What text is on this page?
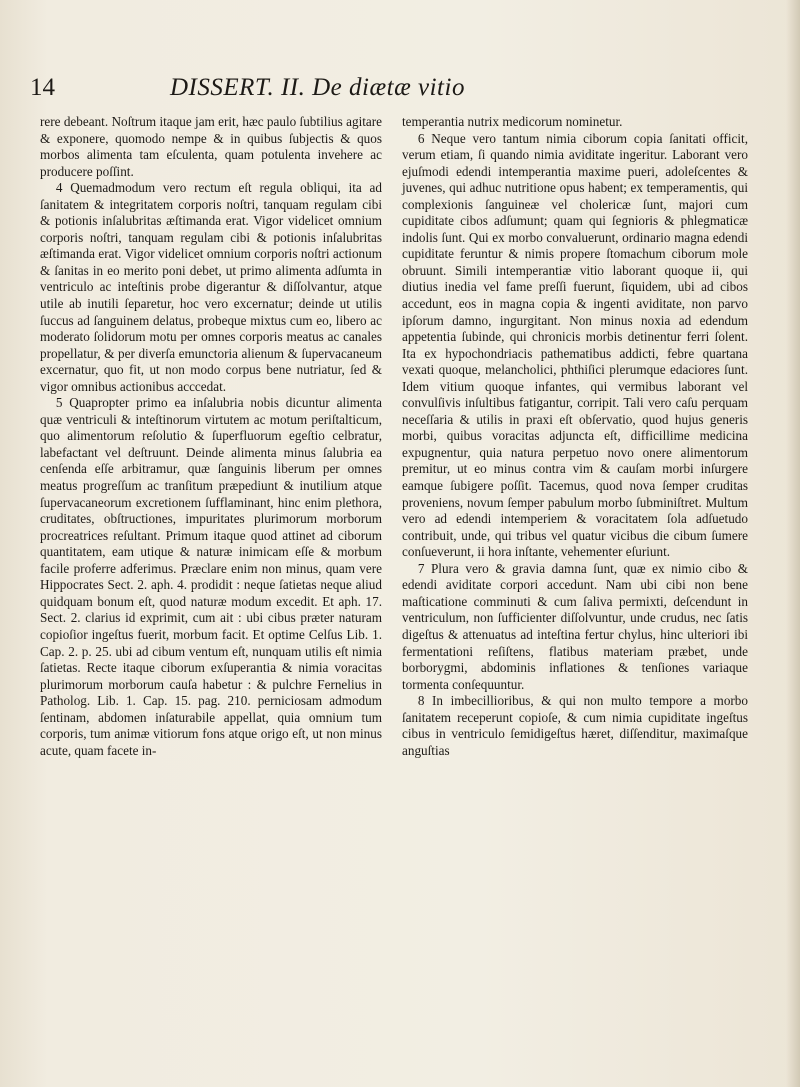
14	DISSERT. II. De diætæ vitio

rere debeant. Noſtrum itaque jam erit, hæc paulo ſubtilius agitare & exponere, quomodo nempe & in quibus ſubjectis & quos morbos alimenta tam eſculenta, quam potulenta invehere ac producere poſſint.

4 Quemadmodum vero rectum eſt regula obliqui, ita ad ſanitatem & integritatem corporis noſtri, tanquam regulam cibi & potionis inſalubritas æſtimanda erat. Vigor videlicet omnium corporis noſtri, tanquam regulam cibi & potionis inſalubritas æſtimanda erat. Vigor videlicet omnium corporis noſtri actionum & ſanitas in eo merito poni debet, ut primo alimenta adſumta in ventriculo ac inteſtinis probe digerantur & diſſolvantur, atque utile ab inutili ſeparetur, hoc vero excernatur; deinde ut utilis ſuccus ad ſanguinem delatus, probeque mixtus cum eo, libero ac moderato ſolidorum motu per omnes corporis meatus ac canales propellatur, & per diverſa emunctoria alienum & ſupervacaneum excernatur, quo fit, ut non modo corpus bene nutriatur, ſed & vigor omnibus actionibus acccedat.

5 Quapropter primo ea inſalubria nobis dicuntur alimenta quæ ventriculi & inteſtinorum virtutem ac motum periſtalticum, quo alimentorum reſolutio & ſuperfluorum egeſtio celbratur, labefactant vel deſtruunt. Deinde alimenta minus ſalubria ea cenſenda eſſe arbitramur, quæ ſanguinis liberum per omnes meatus progreſſum ac tranſitum præpediunt & inutilium atque ſupervacaneorum excretionem ſufflaminant, hinc enim plethora, cruditates, obſtructiones, impuritates plurimorum morborum procreatrices reſultant. Primum itaque quod attinet ad ciborum quantitatem, eam utique & naturæ inimicam eſſe & morbum facile proferre adferimus. Præclare enim non minus, quam vere Hippocrates Sect. 2. aph. 4. prodidit : neque ſatietas neque aliud quidquam bonum eſt, quod naturæ modum excedit. Et aph. 17. Sect. 2. clarius id exprimit, cum ait : ubi cibus præter naturam copioſior ingeſtus fuerit, morbum facit. Et optime Celſus Lib. 1. Cap. 2. p. 25. ubi ad cibum ventum eſt, nunquam utilis eſt nimia ſatietas. Recte itaque ciborum exſuperantia & nimia voracitas plurimorum morborum cauſa habetur : & pulchre Fernelius in Patholog. Lib. 1. Cap. 15. pag. 210. perniciosam admodum ſentinam, abdomen inſaturabile appellat, quia omnium tum corporis, tum animæ vitiorum fons atque origo eſt, ut non minus acute, quam facete in-

temperantia nutrix medicorum nominetur.

6 Neque vero tantum nimia ciborum copia ſanitati officit, verum etiam, ſi quando nimia aviditate ingeritur. Laborant vero ejuſmodi edendi intemperantia maxime pueri, adoleſcentes & juvenes, qui adhuc nutritione opus habent; ex temperamentis, qui complexionis ſanguineæ vel cholericæ ſunt, majori cum cupiditate cibos adſumunt; quam qui ſegnioris & phlegmaticæ indolis ſunt. Qui ex morbo convaluerunt, ordinario magna edendi cupiditate feruntur & nimis propere ſtomachum ciborum mole obruunt. Simili intemperantiæ vitio laborant quoque ii, qui diutius inedia vel fame preſſi fuerunt, ſiquidem, ubi ad cibos accedunt, eos in magna copia & ingenti aviditate, non parvo ipſorum damno, ingurgitant. Non minus noxia ad edendum appetentia ſubinde, qui chronicis morbis detinentur ferri ſolent. Ita ex hypochondriacis pathematibus addicti, febre quartana vexati quoque, melancholici, phthiſici plerumque edaciores ſunt. Idem vitium quoque infantes, qui vermibus laborant vel convulſivis inſultibus fatigantur, corripit. Tali vero caſu perquam neceſſaria & utilis in praxi eſt obſervatio, quod hujus generis morbi, quibus voracitas adjuncta eſt, difficillime medicina expugnentur, quia natura perpetuo novo onere alimentorum premitur, ut eo minus contra vim & cauſam morbi inſurgere eamque ſubigere poſſit. Tacemus, quod nova ſemper cruditas proveniens, novum ſemper pabulum morbo ſubminiſtret. Multum vero ad edendi intemperiem & voracitatem ſola adſuetudo contribuit, unde, qui tribus vel quatur vicibus die cibum ſumere conſueverunt, ii hora inſtante, vehementer eſuriunt.

7 Plura vero & gravia damna ſunt, quæ ex nimio cibo & edendi aviditate corpori accedunt. Nam ubi cibi non bene maſticatione comminuti & cum ſaliva permixti, deſcendunt in ventriculum, non ſufficienter diſſolvuntur, unde crudus, nec ſatis digeſtus & attenuatus ad inteſtina fertur chylus, hinc ulteriori ibi fermentationi reſiſtens, flatibus materiam præbet, unde borborygmi, abdominis inflationes & tenſiones variaque tormenta conſequuntur.

8 In imbecillioribus, & qui non multo tempore a morbo ſanitatem receperunt copioſe, & cum nimia cupiditate ingeſtus cibus in ventriculo ſemidigeſtus hæret, diſſenditur, maximaſque anguſtias
